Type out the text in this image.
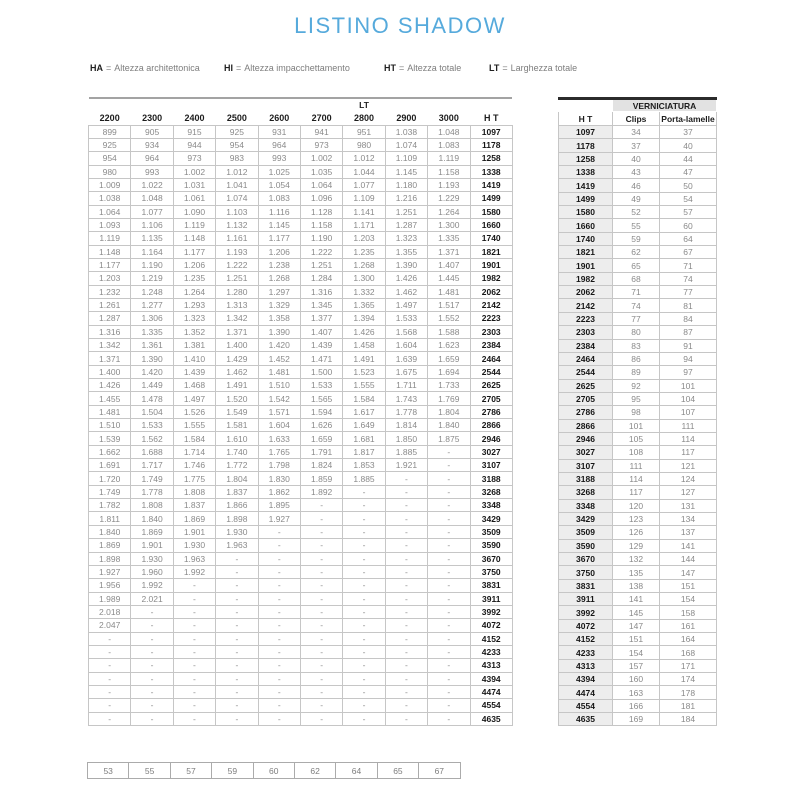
LISTINO SHADOW
HA = Altezza architettonica	HI = Altezza impacchettamento	HT = Altezza totale	LT = Larghezza totale
						LT			
2200	2300	2400	2500	2600	2700	2800	2900	3000	H T
899	905	915	925	931	941	951	1.038	1.048	1097
925	934	944	954	964	973	980	1.074	1.083	1178
954	964	973	983	993	1.002	1.012	1.109	1.119	1258
980	993	1.002	1.012	1.025	1.035	1.044	1.145	1.158	1338
1.009	1.022	1.031	1.041	1.054	1.064	1.077	1.180	1.193	1419
1.038	1.048	1.061	1.074	1.083	1.096	1.109	1.216	1.229	1499
1.064	1.077	1.090	1.103	1.116	1.128	1.141	1.251	1.264	1580
1.093	1.106	1.119	1.132	1.145	1.158	1.171	1.287	1.300	1660
1.119	1.135	1.148	1.161	1.177	1.190	1.203	1.323	1.335	1740
1.148	1.164	1.177	1.193	1.206	1.222	1.235	1.355	1.371	1821
1.177	1.190	1.206	1.222	1.238	1.251	1.268	1.390	1.407	1901
1.203	1.219	1.235	1.251	1.268	1.284	1.300	1.426	1.445	1982
1.232	1.248	1.264	1.280	1.297	1.316	1.332	1.462	1.481	2062
1.261	1.277	1.293	1.313	1.329	1.345	1.365	1.497	1.517	2142
1.287	1.306	1.323	1.342	1.358	1.377	1.394	1.533	1.552	2223
1.316	1.335	1.352	1.371	1.390	1.407	1.426	1.568	1.588	2303
1.342	1.361	1.381	1.400	1.420	1.439	1.458	1.604	1.623	2384
1.371	1.390	1.410	1.429	1.452	1.471	1.491	1.639	1.659	2464
1.400	1.420	1.439	1.462	1.481	1.500	1.523	1.675	1.694	2544
1.426	1.449	1.468	1.491	1.510	1.533	1.555	1.711	1.733	2625
1.455	1.478	1.497	1.520	1.542	1.565	1.584	1.743	1.769	2705
1.481	1.504	1.526	1.549	1.571	1.594	1.617	1.778	1.804	2786
1.510	1.533	1.555	1.581	1.604	1.626	1.649	1.814	1.840	2866
1.539	1.562	1.584	1.610	1.633	1.659	1.681	1.850	1.875	2946
1.662	1.688	1.714	1.740	1.765	1.791	1.817	1.885	-	3027
1.691	1.717	1.746	1.772	1.798	1.824	1.853	1.921	-	3107
1.720	1.749	1.775	1.804	1.830	1.859	1.885	-	-	3188
1.749	1.778	1.808	1.837	1.862	1.892	-	-	-	3268
1.782	1.808	1.837	1.866	1.895	-	-	-	-	3348
1.811	1.840	1.869	1.898	1.927	-	-	-	-	3429
1.840	1.869	1.901	1.930	-	-	-	-	-	3509
1.869	1.901	1.930	1.963	-	-	-	-	-	3590
1.898	1.930	1.963	-	-	-	-	-	-	3670
1.927	1.960	1.992	-	-	-	-	-	-	3750
1.956	1.992	-	-	-	-	-	-	-	3831
1.989	2.021	-	-	-	-	-	-	-	3911
2.018	-	-	-	-	-	-	-	-	3992
2.047	-	-	-	-	-	-	-	-	4072
-	-	-	-	-	-	-	-	-	4152
-	-	-	-	-	-	-	-	-	4233
-	-	-	-	-	-	-	-	-	4313
-	-	-	-	-	-	-	-	-	4394
-	-	-	-	-	-	-	-	-	4474
-	-	-	-	-	-	-	-	-	4554
-	-	-	-	-	-	-	-	-	4635
	VERNICIATURA	
H T	Clips	Porta-lamelle
1097	34	37
1178	37	40
1258	40	44
1338	43	47
1419	46	50
1499	49	54
1580	52	57
1660	55	60
1740	59	64
1821	62	67
1901	65	71
1982	68	74
2062	71	77
2142	74	81
2223	77	84
2303	80	87
2384	83	91
2464	86	94
2544	89	97
2625	92	101
2705	95	104
2786	98	107
2866	101	111
2946	105	114
3027	108	117
3107	111	121
3188	114	124
3268	117	127
3348	120	131
3429	123	134
3509	126	137
3590	129	141
3670	132	144
3750	135	147
3831	138	151
3911	141	154
3992	145	158
4072	147	161
4152	151	164
4233	154	168
4313	157	171
4394	160	174
4474	163	178
4554	166	181
4635	169	184
53	55	57	59	60	62	64	65	67
